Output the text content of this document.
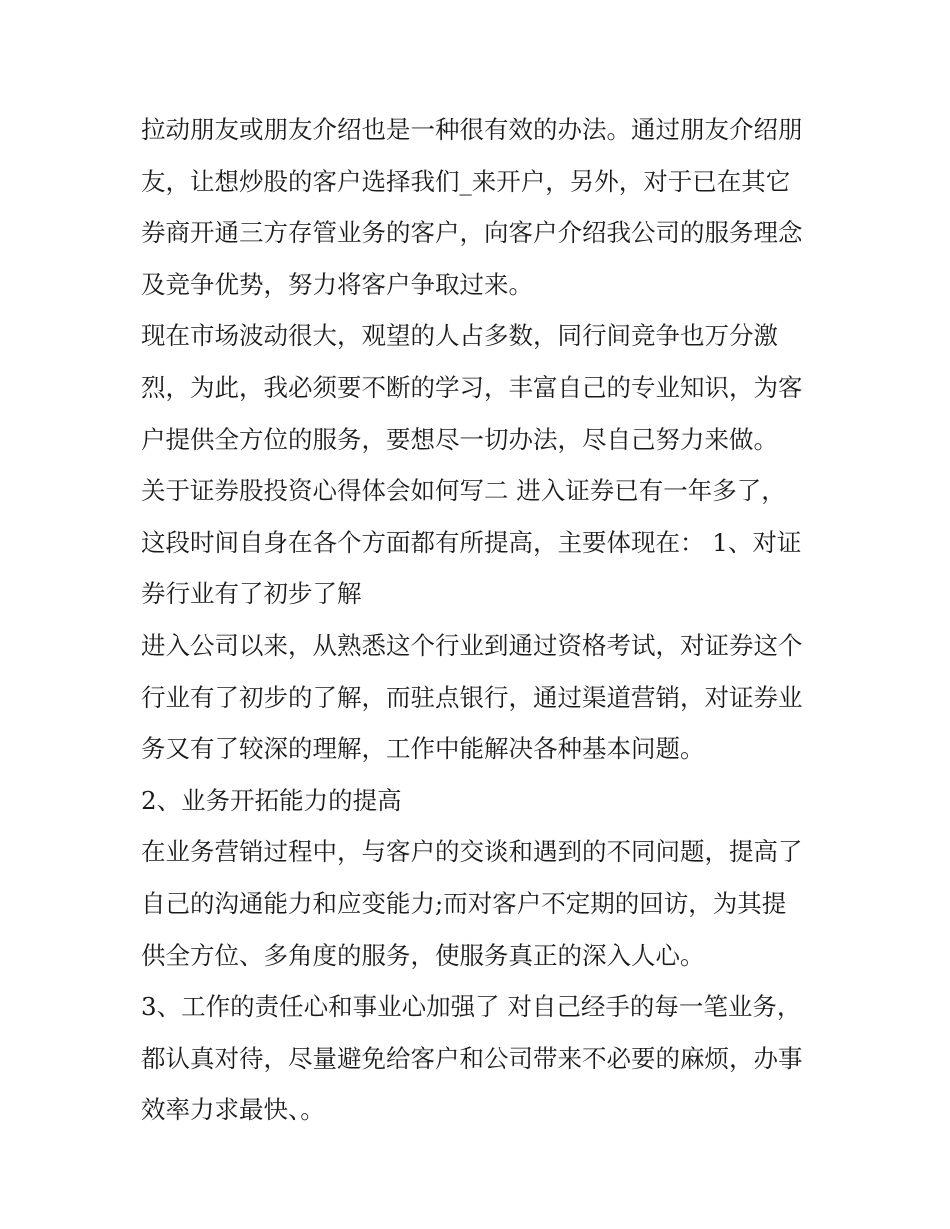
拉动朋友或朋友介绍也是一种很有效的办法。通过朋友介绍朋
友，让想炒股的客户选择我们_来开户，另外，对于已在其它
券商开通三方存管业务的客户，向客户介绍我公司的服务理念
及竞争优势，努力将客户争取过来。
现在市场波动很大，观望的人占多数，同行间竞争也万分激
烈，为此，我必须要不断的学习，丰富自己的专业知识，为客
户提供全方位的服务，要想尽一切办法，尽自己努力来做。
关于证券股投资心得体会如何写二 进入证券已有一年多了，
这段时间自身在各个方面都有所提高，主要体现在： 1、对证
券行业有了初步了解
进入公司以来，从熟悉这个行业到通过资格考试，对证券这个
行业有了初步的了解，而驻点银行，通过渠道营销，对证券业
务又有了较深的理解，工作中能解决各种基本问题。
2、业务开拓能力的提高
在业务营销过程中，与客户的交谈和遇到的不同问题，提高了
自己的沟通能力和应变能力;而对客户不定期的回访，为其提
供全方位、多角度的服务，使服务真正的深入人心。
3、工作的责任心和事业心加强了 对自己经手的每一笔业务，
都认真对待，尽量避免给客户和公司带来不必要的麻烦，办事
效率力求最快、。
